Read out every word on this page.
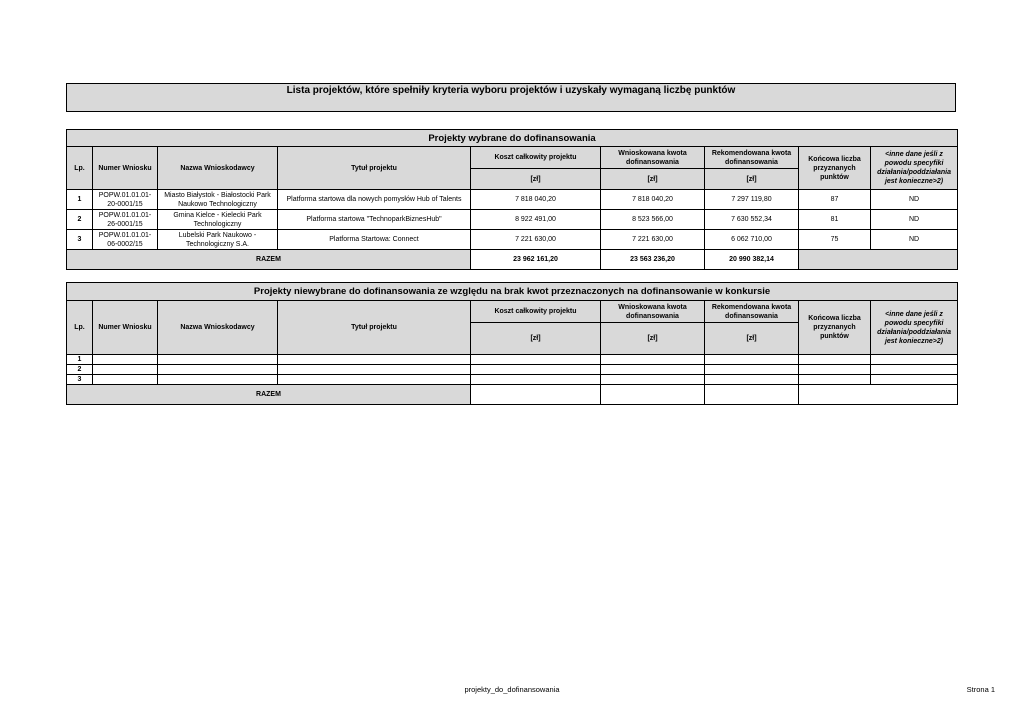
Lista projektów, które spełniły kryteria wyboru projektów i uzyskały wymaganą liczbę punktów
Projekty wybrane do dofinansowania								
Lp.	Numer Wniosku	Nazwa Wnioskodawcy	Tytuł projektu	Koszt całkowity projektu	Wnioskowana kwota dofinansowania	Rekomendowana kwota dofinansowania	Końcowa liczba przyznanych punktów	<inne dane jeśli z powodu specyfiki działania/poddziałania jest konieczne>2)
				[zł]	[zł]	[zł]		
1	POPW.01.01.01-20-0001/15	Miasto Białystok - Białostocki Park Naukowo Technologiczny	Platforma startowa dla nowych pomysłów Hub of Talents	7 818 040,20	7 818 040,20	7 297 119,80	87	ND
2	POPW.01.01.01-26-0001/15	Gmina Kielce - Kielecki Park Technologiczny	Platforma startowa "TechnoparkBiznesHub"	8 922 491,00	8 523 566,00	7 630 552,34	81	ND
3	POPW.01.01.01-06-0002/15	Lubelski Park Naukowo - Technologiczny S.A.	Platforma Startowa: Connect	7 221 630,00	7 221 630,00	6 062 710,00	75	ND
RAZEM				23 962 161,20	23 563 236,20	20 990 382,14		
Projekty niewybrane do dofinansowania ze względu na brak kwot przeznaczonych na dofinansowanie w konkursie								
Lp.	Numer Wniosku	Nazwa Wnioskodawcy	Tytuł projektu	Koszt całkowity projektu	Wnioskowana kwota dofinansowania	Rekomendowana kwota dofinansowania	Końcowa liczba przyznanych punktów	<inne dane jeśli z powodu specyfiki działania/poddziałania jest konieczne>2)
				[zł]	[zł]	[zł]		
1								
2								
3								
RAZEM								
projekty_do_dofinansowania	Strona 1
